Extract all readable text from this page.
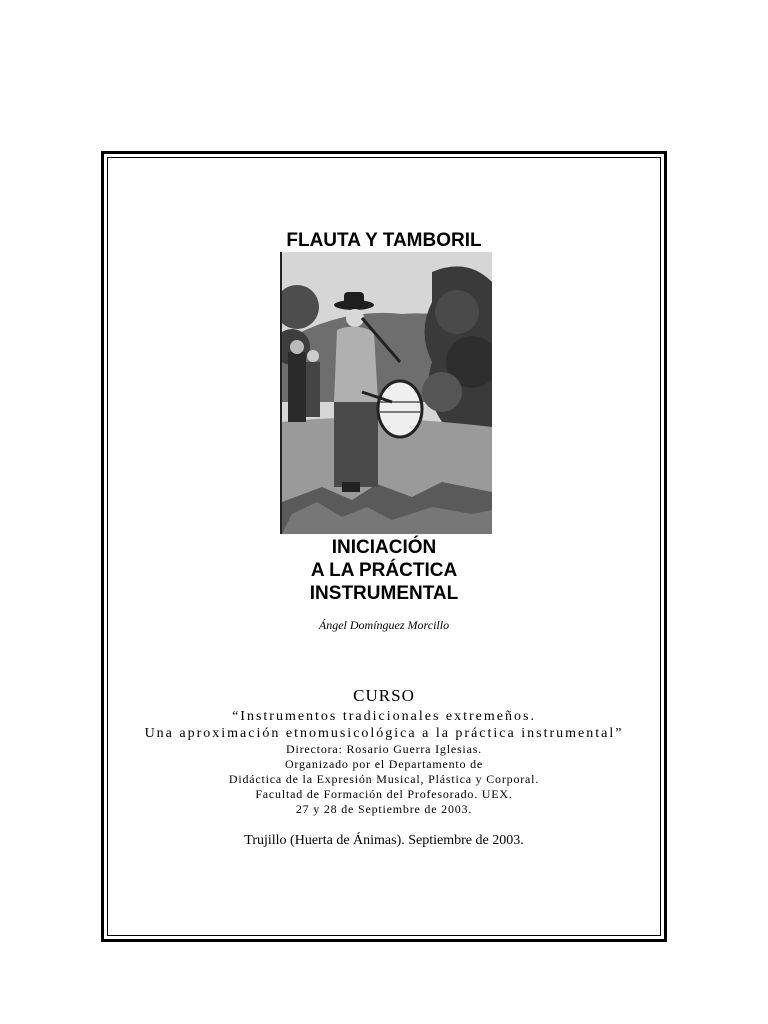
FLAUTA Y TAMBORIL
INICIACIÓN
A LA PRÁCTICA
INSTRUMENTAL
Ángel Domínguez Morcillo
CURSO
“Instrumentos tradicionales extremeños.
Una aproximación etnomusicológica a la práctica instrumental”
Directora: Rosario Guerra Iglesias.
Organizado por el Departamento de
Didáctica de la Expresión Musical, Plástica y Corporal.
Facultad de Formación del Profesorado. UEX.
27 y 28 de Septiembre de 2003.
Trujillo (Huerta de Ánimas). Septiembre de 2003.
